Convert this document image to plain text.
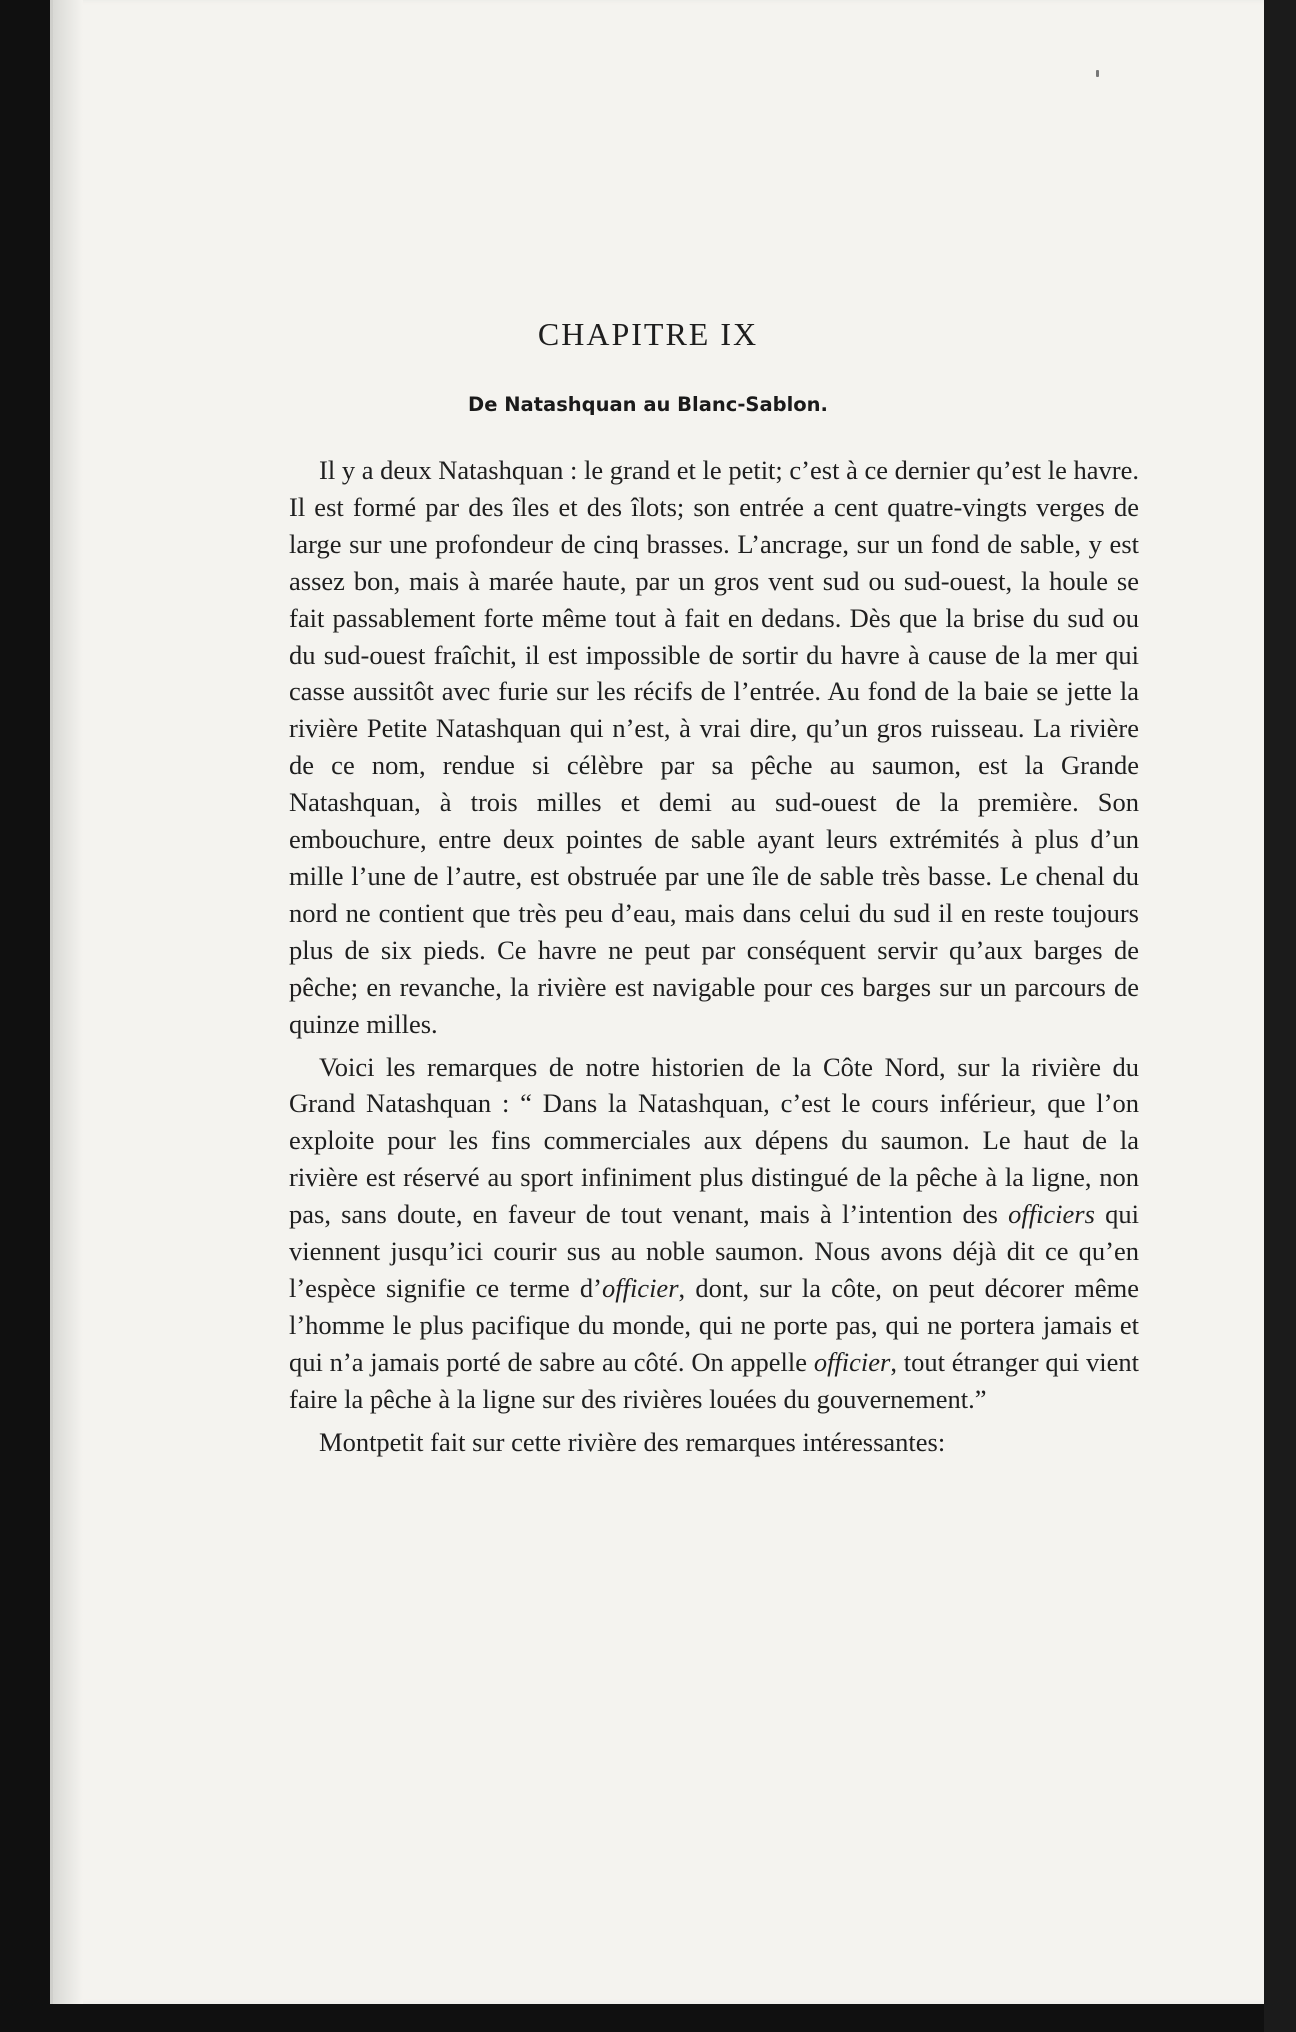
CHAPITRE IX
De Natashquan au Blanc-Sablon.

Il y a deux Natashquan : le grand et le petit; c’est à ce dernier qu’est le havre. Il est formé par des îles et des îlots; son entrée a cent quatre-vingts verges de large sur une profondeur de cinq brasses. L’ancrage, sur un fond de sable, y est assez bon, mais à marée haute, par un gros vent sud ou sud-ouest, la houle se fait passablement forte même tout à fait en dedans. Dès que la brise du sud ou du sud-ouest fraîchit, il est impossible de sortir du havre à cause de la mer qui casse aussitôt avec furie sur les récifs de l’entrée. Au fond de la baie se jette la rivière Petite Natashquan qui n’est, à vrai dire, qu’un gros ruisseau. La rivière de ce nom, rendue si célèbre par sa pêche au saumon, est la Grande Natashquan, à trois milles et demi au sud-ouest de la première. Son embouchure, entre deux pointes de sable ayant leurs extrémités à plus d’un mille l’une de l’autre, est obstruée par une île de sable très basse. Le chenal du nord ne contient que très peu d’eau, mais dans celui du sud il en reste toujours plus de six pieds. Ce havre ne peut par conséquent servir qu’aux barges de pêche; en revanche, la rivière est navigable pour ces barges sur un parcours de quinze milles.

Voici les remarques de notre historien de la Côte Nord, sur la rivière du Grand Natashquan : “ Dans la Natashquan, c’est le cours inférieur, que l’on exploite pour les fins commerciales aux dépens du saumon. Le haut de la rivière est réservé au sport infiniment plus distingué de la pêche à la ligne, non pas, sans doute, en faveur de tout venant, mais à l’intention des officiers qui viennent jusqu’ici courir sus au noble saumon. Nous avons déjà dit ce qu’en l’espèce signifie ce terme d’officier, dont, sur la côte, on peut décorer même l’homme le plus pacifique du monde, qui ne porte pas, qui ne portera jamais et qui n’a jamais porté de sabre au côté. On appelle officier, tout étranger qui vient faire la pêche à la ligne sur des rivières louées du gouvernement.”

Montpetit fait sur cette rivière des remarques intéressantes:
